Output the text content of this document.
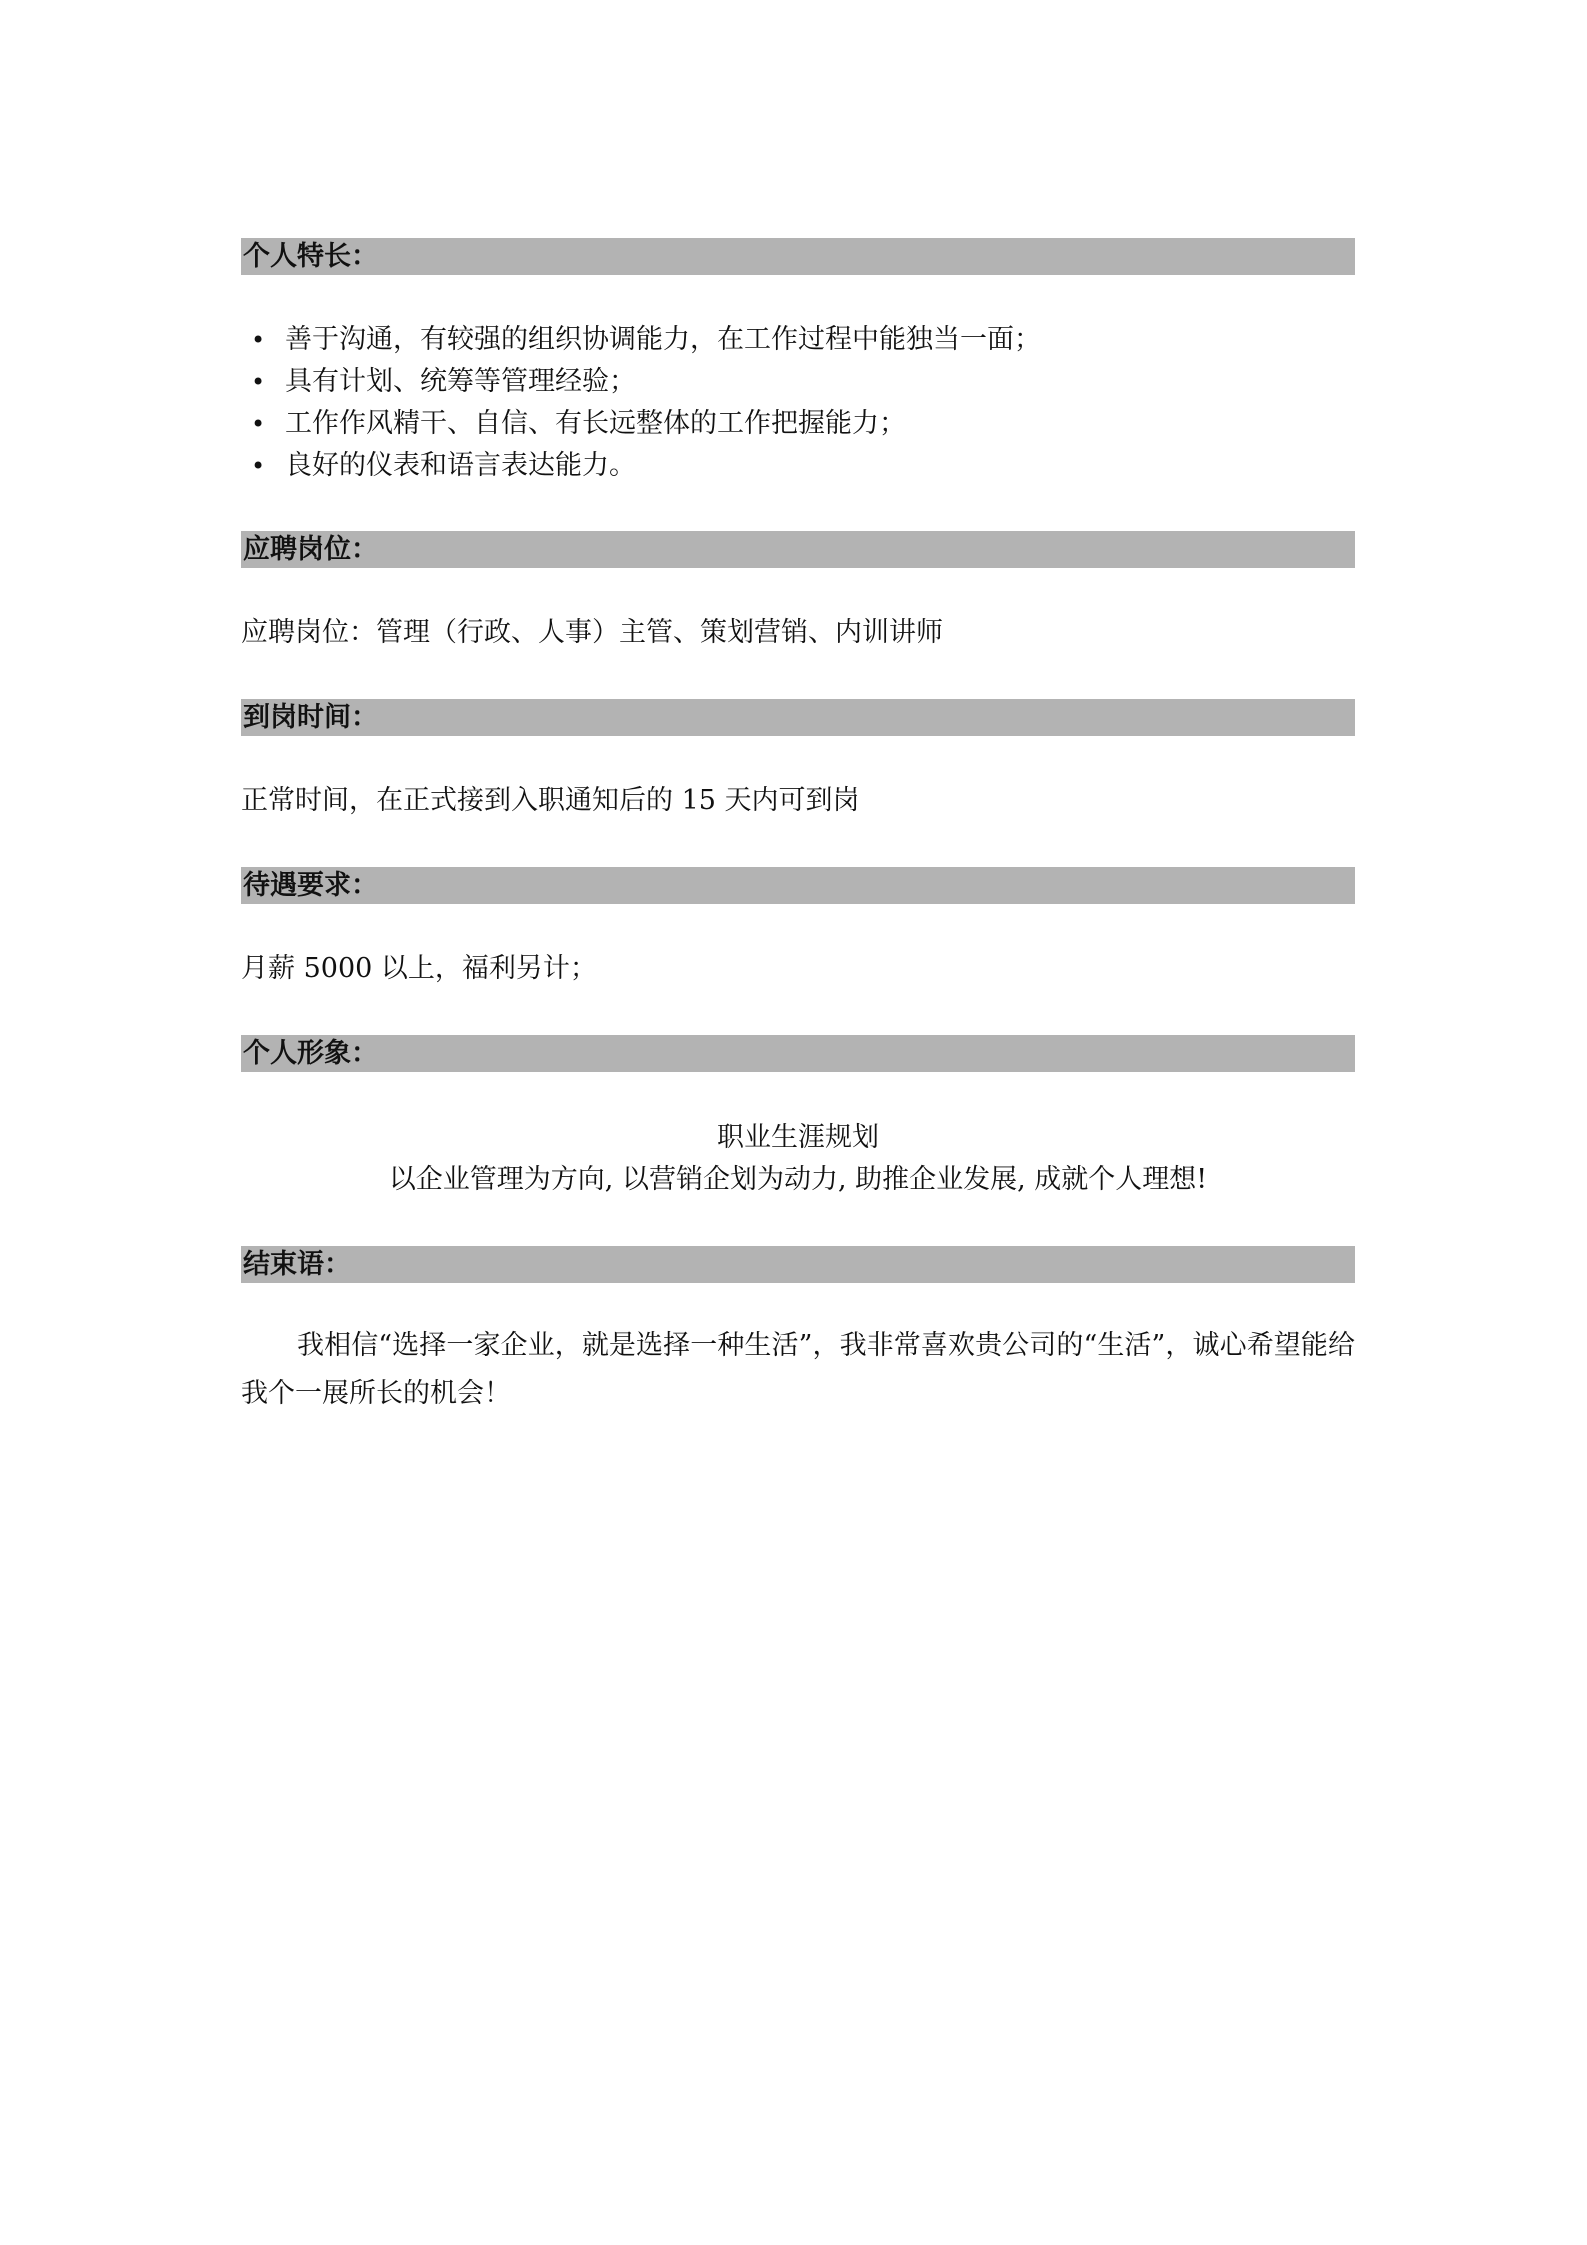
个人特长：
• 善于沟通，有较强的组织协调能力，在工作过程中能独当一面；
• 具有计划、统筹等管理经验；
• 工作作风精干、自信、有长远整体的工作把握能力；
• 良好的仪表和语言表达能力。
应聘岗位：
应聘岗位：管理（行政、人事）主管、策划营销、内训讲师
到岗时间：
正常时间，在正式接到入职通知后的 15 天内可到岗
待遇要求：
月薪 5000 以上，福利另计；
个人形象：
职业生涯规划
以企业管理为方向, 以营销企划为动力, 助推企业发展, 成就个人理想!
结束语：
我相信“选择一家企业，就是选择一种生活”，我非常喜欢贵公司的“生活”，诚心希望能给我个一展所长的机会！
